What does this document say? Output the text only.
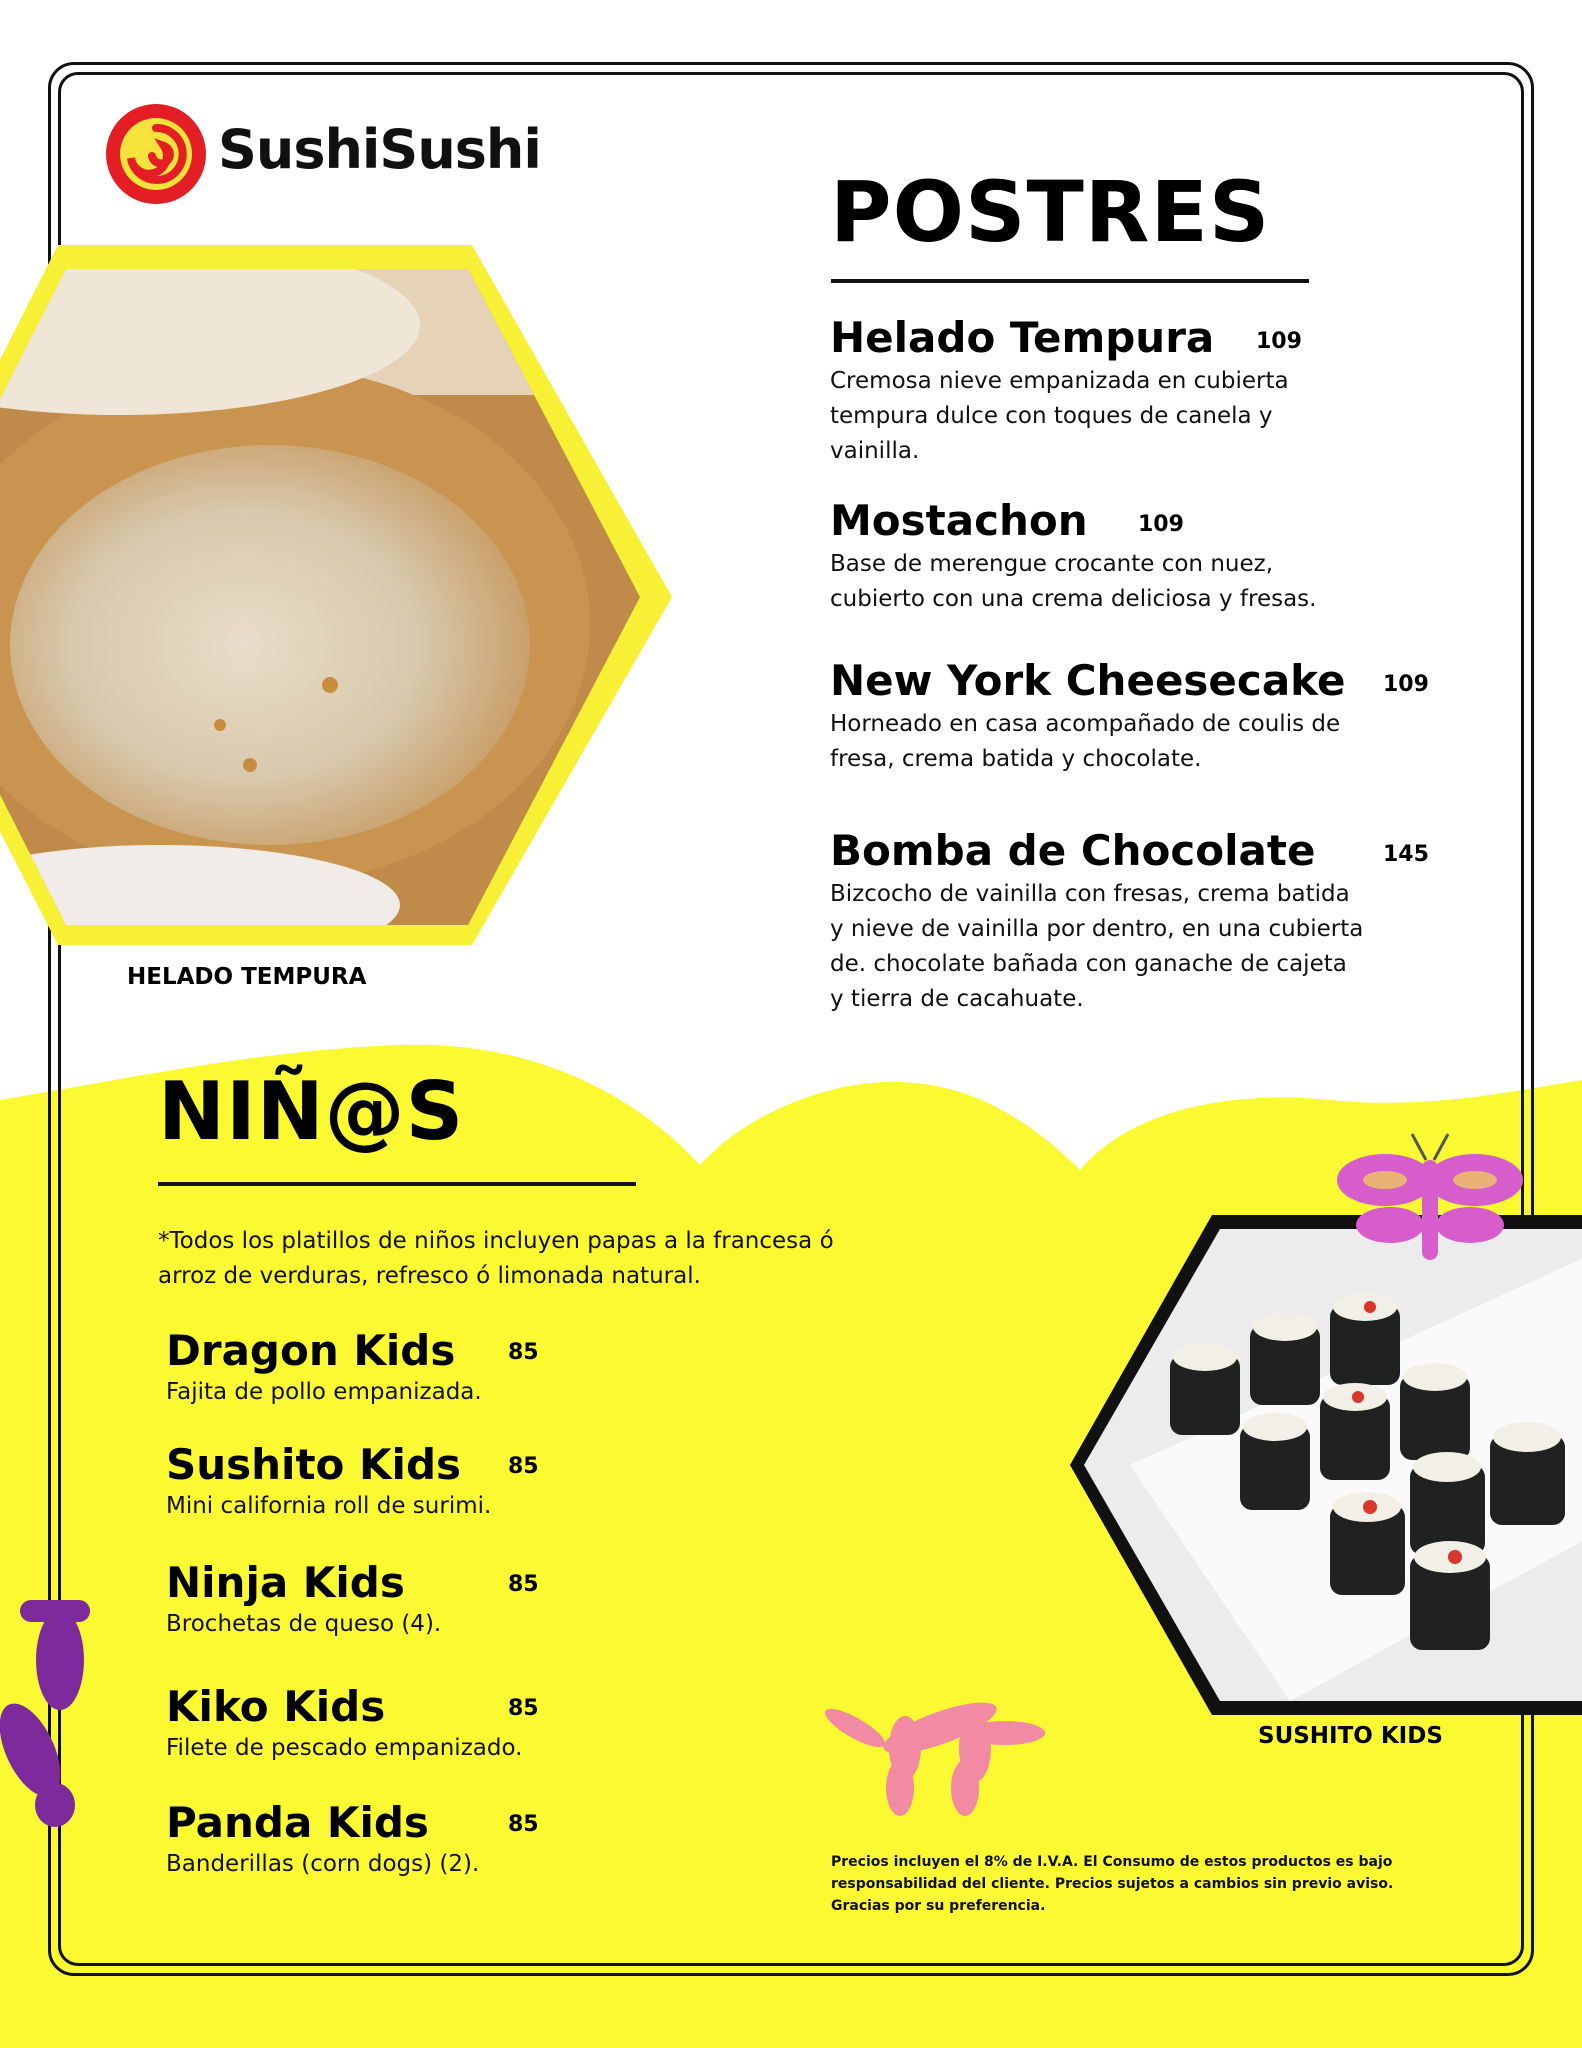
SushiSushi
HELADO TEMPURA
POSTRES
Helado Tempura 109
Cremosa nieve empanizada en cubierta
tempura dulce con toques de canela y
vainilla.
Mostachon 109
Base de merengue crocante con nuez,
cubierto con una crema deliciosa y fresas.
New York Cheesecake 109
Horneado en casa acompañado de coulis de
fresa, crema batida y chocolate.
Bomba de Chocolate	145
Bizcocho de vainilla con fresas, crema batida
y nieve de vainilla por dentro, en una cubierta
de. chocolate bañada con ganache de cajeta
y tierra de cacahuate.
NIÑ@S
*Todos los platillos de niños incluyen papas a la francesa ó
arroz de verduras, refresco ó limonada natural.
Dragon Kids 85
Fajita de pollo empanizada.
Sushito Kids 85
Mini california roll de surimi.
Ninja Kids	85
Brochetas de queso (4).
Kiko Kids	85
Filete de pescado empanizado.
Panda Kids	85
Banderillas (corn dogs) (2).
SUSHITO KIDS
Precios incluyen el 8% de I.V.A. El Consumo de estos productos es bajo
responsabilidad del cliente. Precios sujetos a cambios sin previo aviso.
Gracias por su preferencia.
